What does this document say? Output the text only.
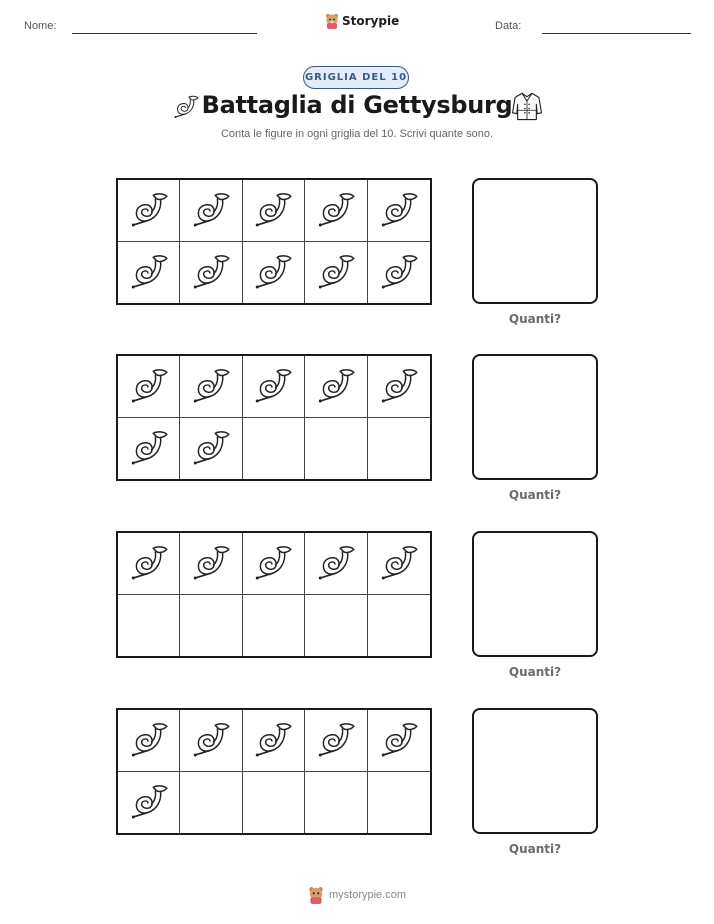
Nome:	Storypie	Data:
GRIGLIA DEL 10
Battaglia di Gettysburg
Conta le figure in ogni griglia del 10. Scrivi quante sono.
Quanti?
Quanti?
Quanti?
Quanti?
mystorypie.com
